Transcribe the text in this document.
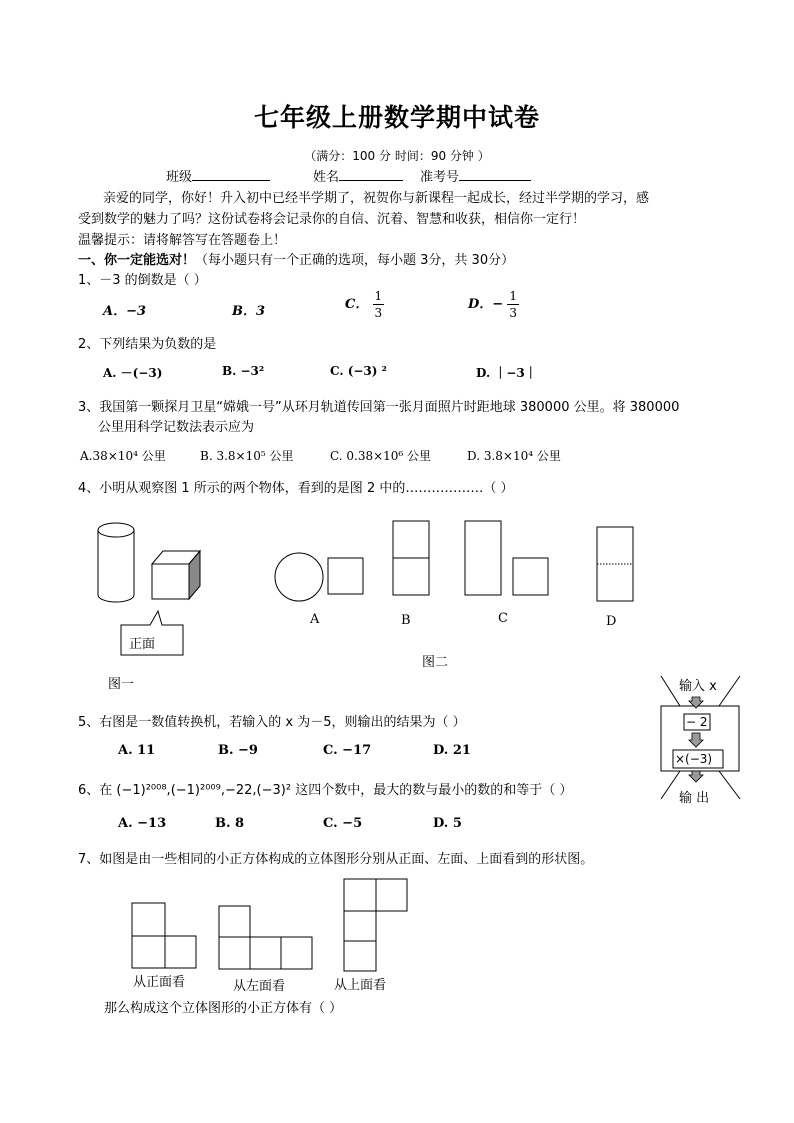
七年级上册数学期中试卷
（满分：100 分 时间：90 分钟 ）
班级	姓名	准考号
亲爱的同学，你好！升入初中已经半学期了，祝贺你与新课程一起成长，经过半学期的学习，感
受到数学的魅力了吗？这份试卷将会记录你的自信、沉着、智慧和收获，相信你一定行！
温馨提示：请将解答写在答题卷上！
一、你一定能选对！（每小题只有一个正确的选项，每小题 3分，共 30分）
1、－3 的倒数是（ ）
A．−3	B．3	C． $\frac{1}{3}$	D．− $\frac{1}{3}$
2、下列结果为负数的是
A. －(−3)	B. −3²	C. (−3) ²	D. ｜−3｜
3、我国第一颗探月卫星“嫦娥一号”从环月轨道传回第一张月面照片时距地球 380000 公里。将 380000
公里用科学记数法表示应为
A.38×10⁴ 公里	B. 3.8×10⁵ 公里	C. 0.38×10⁶ 公里	D. 3.8×10⁴ 公里
4、小明从观察图 1 所示的两个物体，看到的是图 2 中的………………（ ）
正面
A	B	C	D
图二
图一	输入 x
− 2
×(−3)
输 出
5、右图是一数值转换机，若输入的 x 为－5，则输出的结果为（ ）
A. 11	B. −9	C. −17	D. 21
6、在 (−1)²⁰⁰⁸,(−1)²⁰⁰⁹,−22,(−3)² 这四个数中，最大的数与最小的数的和等于（ ）
A. −13	B. 8	C. −5	D. 5
7、如图是由一些相同的小正方体构成的立体图形分别从正面、左面、上面看到的形状图。
从正面看	从左面看	从上面看
那么构成这个立体图形的小正方体有（ ）
